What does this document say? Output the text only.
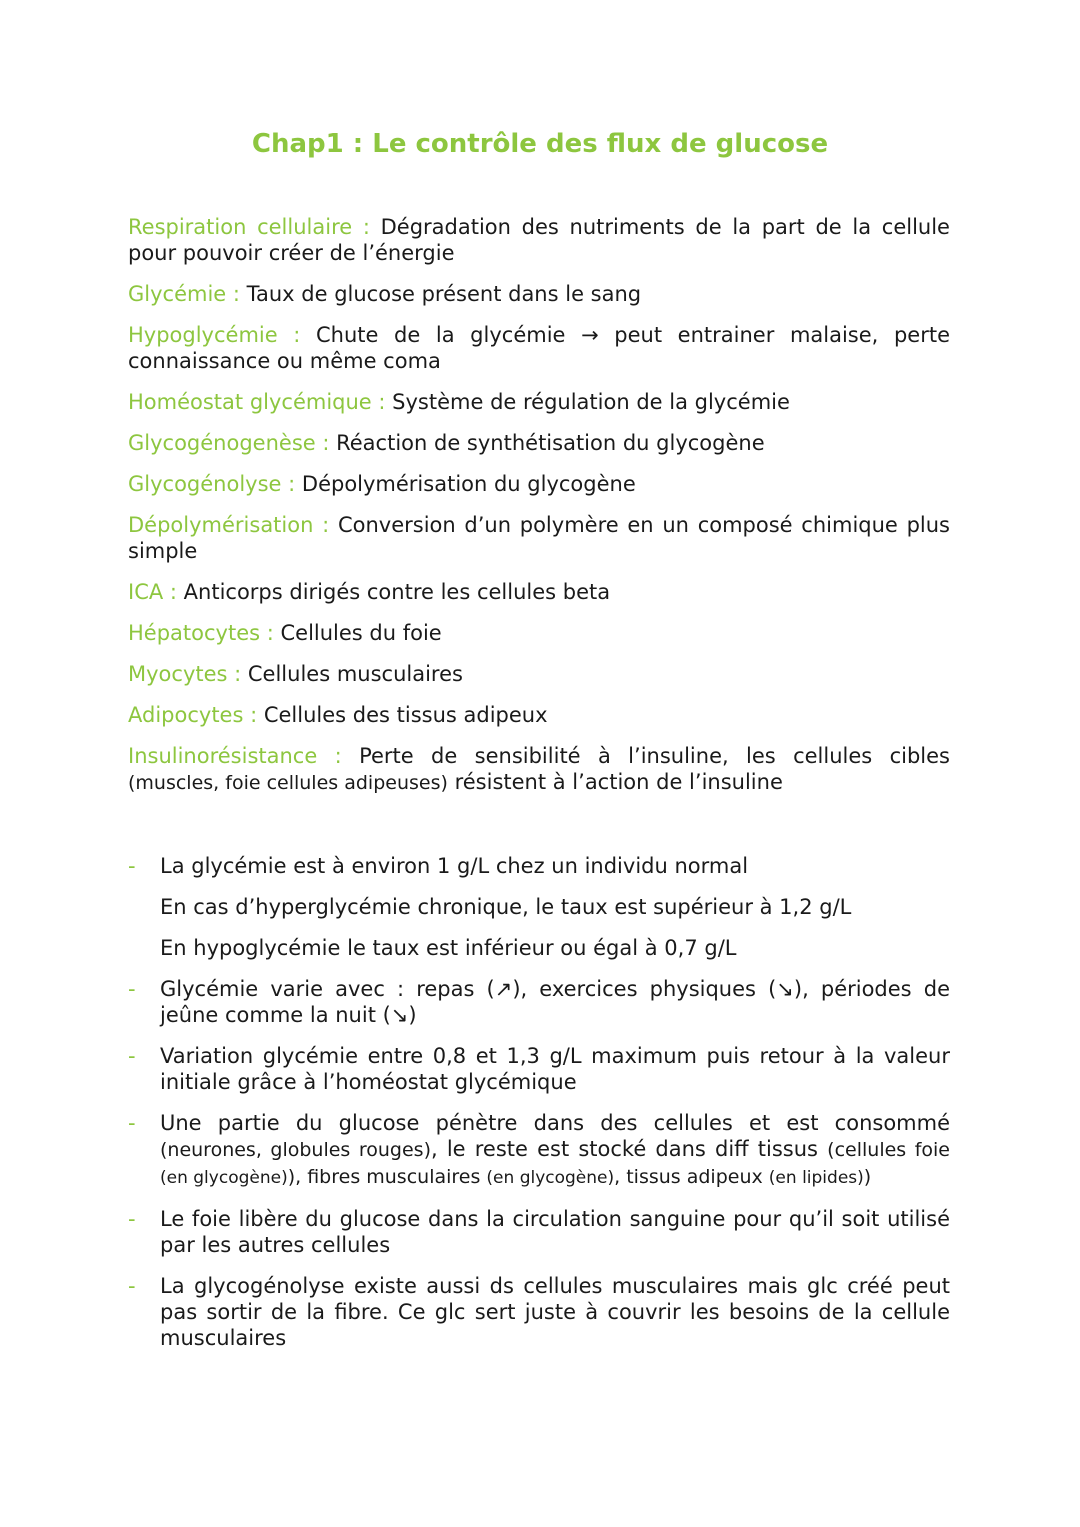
Chap1 : Le contrôle des flux de glucose
Respiration cellulaire : Dégradation des nutriments de la part de la cellule pour pouvoir créer de l’énergie
Glycémie : Taux de glucose présent dans le sang
Hypoglycémie : Chute de la glycémie → peut entrainer malaise, perte connaissance ou même coma
Homéostat glycémique : Système de régulation de la glycémie
Glycogénogenèse : Réaction de synthétisation du glycogène
Glycogénolyse : Dépolymérisation du glycogène
Dépolymérisation : Conversion d’un polymère en un composé chimique plus simple
ICA : Anticorps dirigés contre les cellules beta
Hépatocytes : Cellules du foie
Myocytes : Cellules musculaires
Adipocytes : Cellules des tissus adipeux
Insulinorésistance : Perte de sensibilité à l’insuline, les cellules cibles (muscles, foie cellules adipeuses) résistent à l’action de l’insuline
- La glycémie est à environ 1 g/L chez un individu normal
En cas d’hyperglycémie chronique, le taux est supérieur à 1,2 g/L
En hypoglycémie le taux est inférieur ou égal à 0,7 g/L
- Glycémie varie avec : repas (↗), exercices physiques (↘), périodes de jeûne comme la nuit (↘)
- Variation glycémie entre 0,8 et 1,3 g/L maximum puis retour à la valeur initiale grâce à l’homéostat glycémique
- Une partie du glucose pénètre dans des cellules et est consommé (neurones, globules rouges), le reste est stocké dans diff tissus (cellules foie (en glycogène)), fibres musculaires (en glycogène), tissus adipeux (en lipides))
- Le foie libère du glucose dans la circulation sanguine pour qu’il soit utilisé par les autres cellules
- La glycogénolyse existe aussi ds cellules musculaires mais glc créé peut pas sortir de la fibre. Ce glc sert juste à couvrir les besoins de la cellule musculaires
